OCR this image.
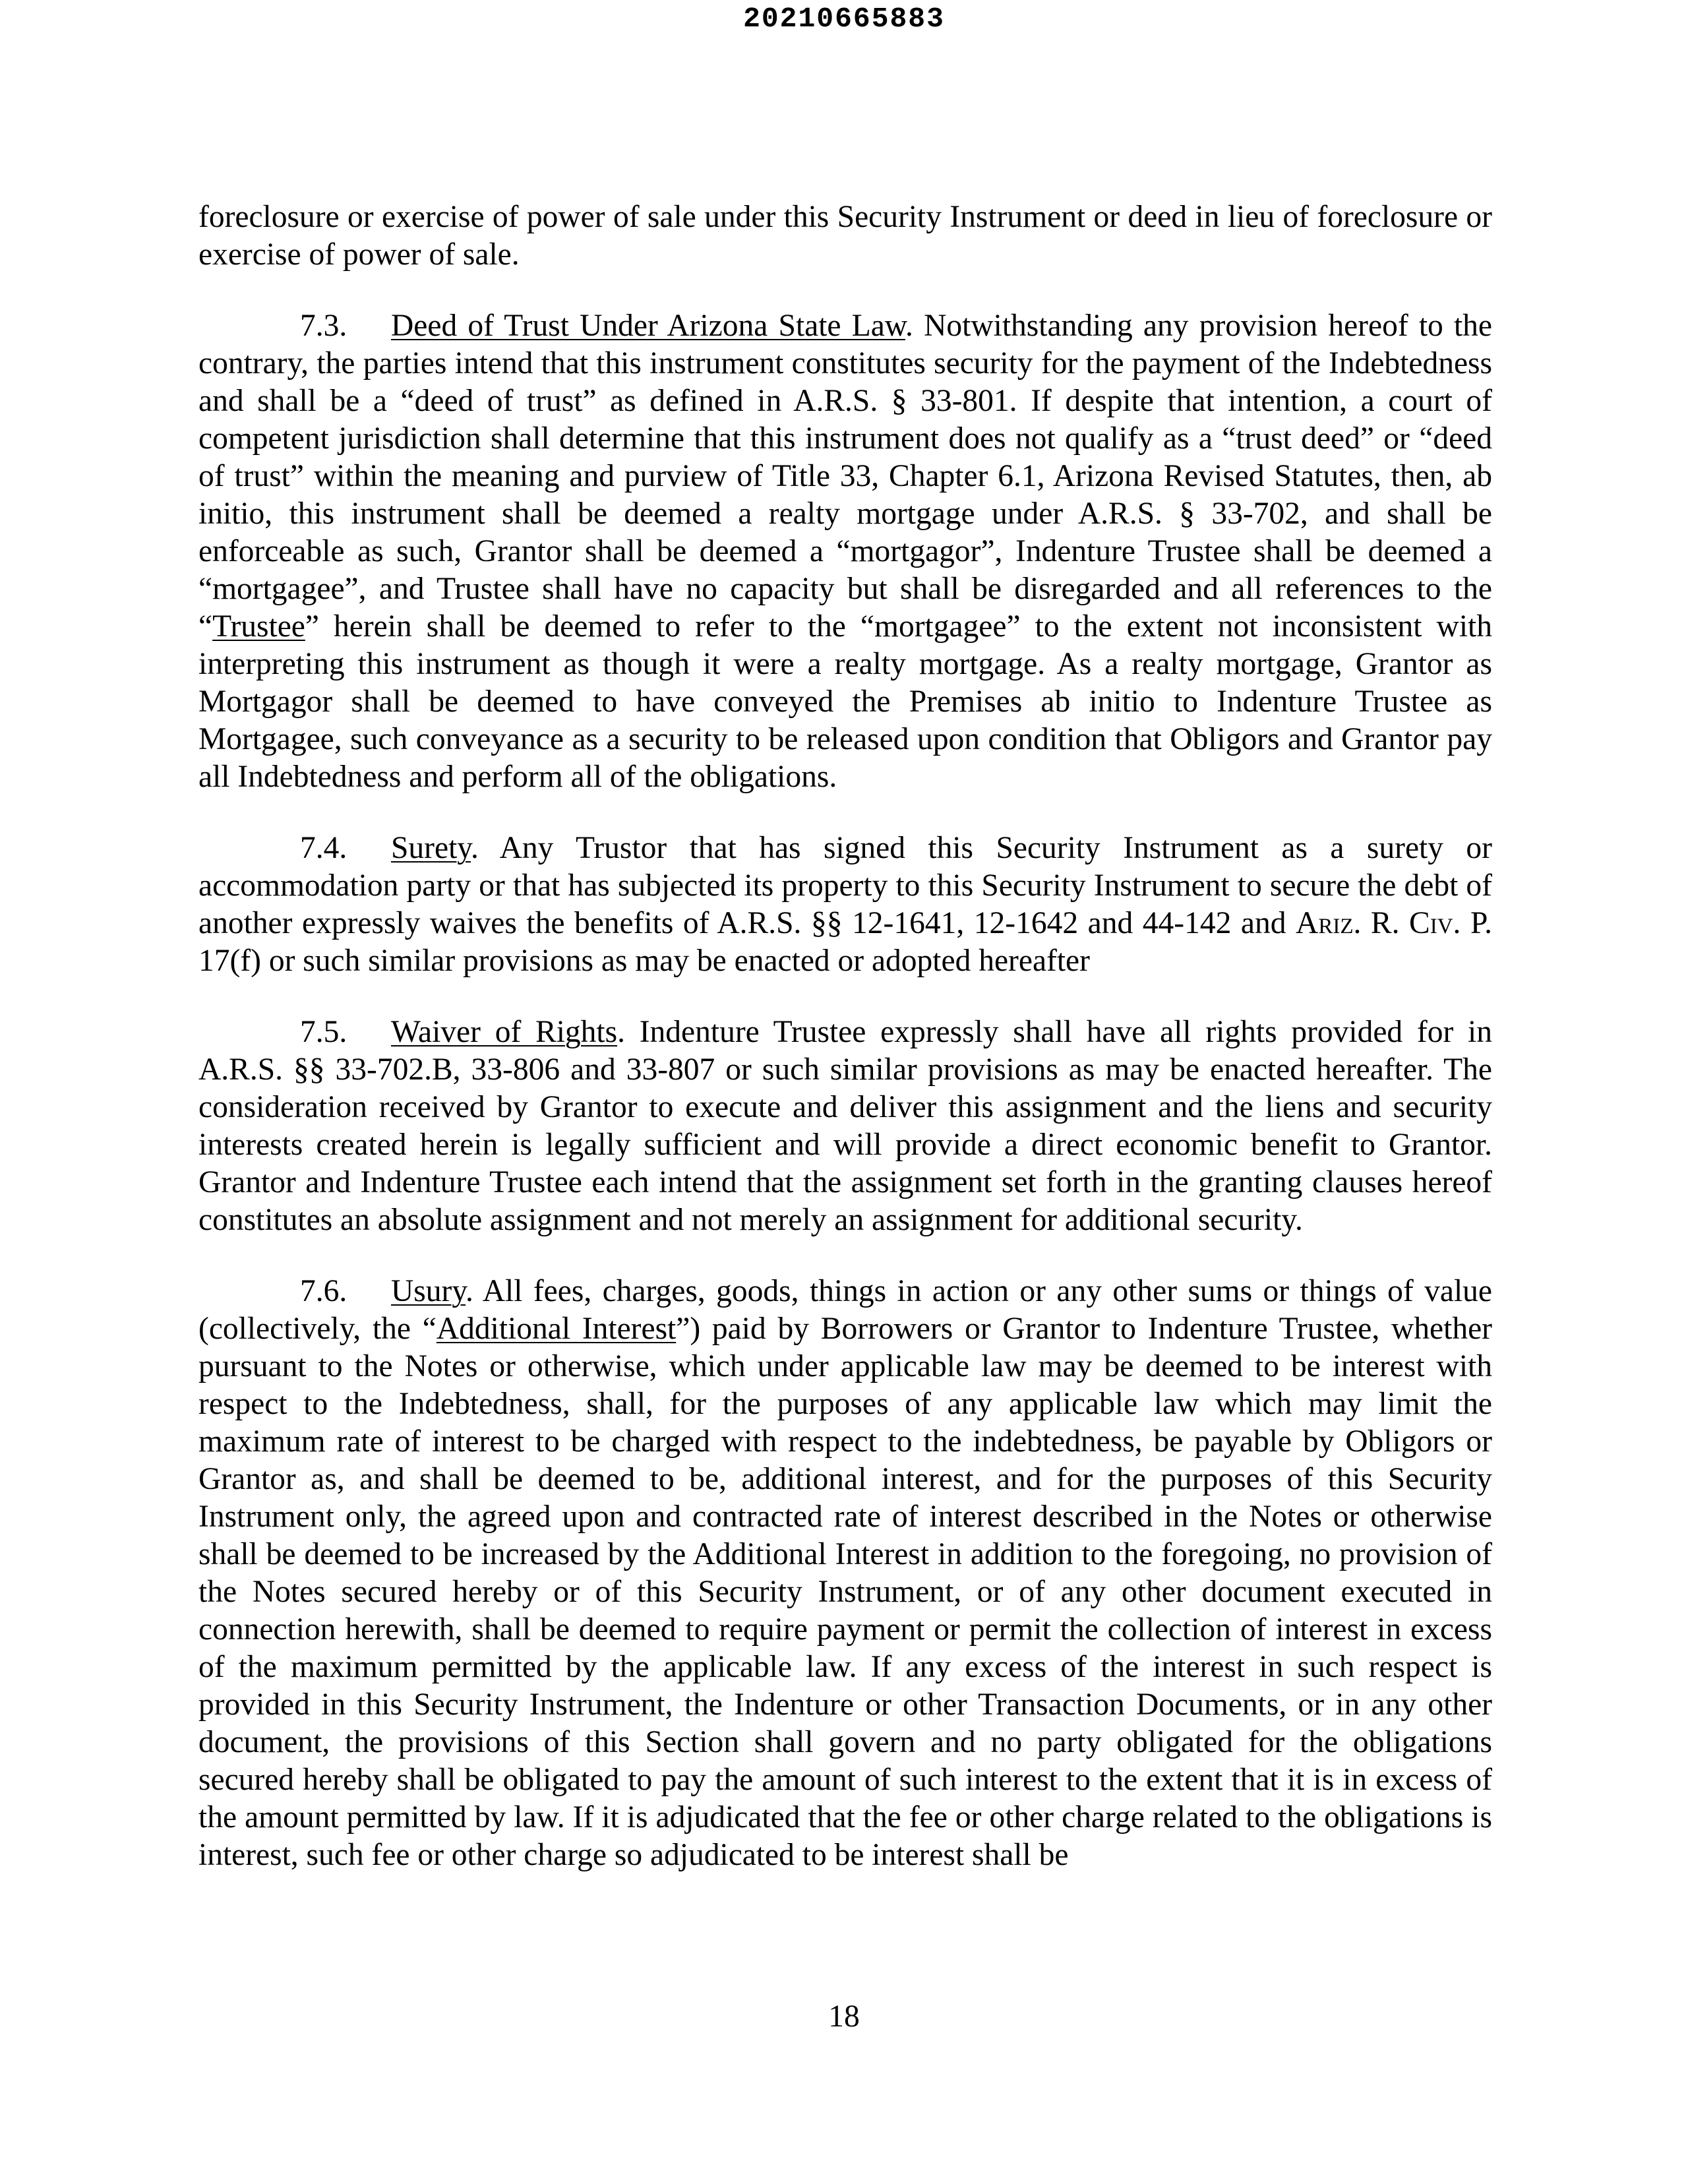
20210665883

foreclosure or exercise of power of sale under this Security Instrument or deed in lieu of foreclosure or exercise of power of sale.

7.3. Deed of Trust Under Arizona State Law. Notwithstanding any provision hereof to the contrary, the parties intend that this instrument constitutes security for the payment of the Indebtedness and shall be a “deed of trust” as defined in A.R.S. § 33-801. If despite that intention, a court of competent jurisdiction shall determine that this instrument does not qualify as a “trust deed” or “deed of trust” within the meaning and purview of Title 33, Chapter 6.1, Arizona Revised Statutes, then, ab initio, this instrument shall be deemed a realty mortgage under A.R.S. § 33-702, and shall be enforceable as such, Grantor shall be deemed a “mortgagor”, Indenture Trustee shall be deemed a “mortgagee”, and Trustee shall have no capacity but shall be disregarded and all references to the “Trustee” herein shall be deemed to refer to the “mortgagee” to the extent not inconsistent with interpreting this instrument as though it were a realty mortgage. As a realty mortgage, Grantor as Mortgagor shall be deemed to have conveyed the Premises ab initio to Indenture Trustee as Mortgagee, such conveyance as a security to be released upon condition that Obligors and Grantor pay all Indebtedness and perform all of the obligations.

7.4. Surety. Any Trustor that has signed this Security Instrument as a surety or accommodation party or that has subjected its property to this Security Instrument to secure the debt of another expressly waives the benefits of A.R.S. §§ 12-1641, 12-1642 and 44-142 and Ariz. R. Civ. P. 17(f) or such similar provisions as may be enacted or adopted hereafter

7.5. Waiver of Rights. Indenture Trustee expressly shall have all rights provided for in A.R.S. §§ 33-702.B, 33-806 and 33-807 or such similar provisions as may be enacted hereafter. The consideration received by Grantor to execute and deliver this assignment and the liens and security interests created herein is legally sufficient and will provide a direct economic benefit to Grantor. Grantor and Indenture Trustee each intend that the assignment set forth in the granting clauses hereof constitutes an absolute assignment and not merely an assignment for additional security.

7.6. Usury. All fees, charges, goods, things in action or any other sums or things of value (collectively, the “Additional Interest”) paid by Borrowers or Grantor to Indenture Trustee, whether pursuant to the Notes or otherwise, which under applicable law may be deemed to be interest with respect to the Indebtedness, shall, for the purposes of any applicable law which may limit the maximum rate of interest to be charged with respect to the indebtedness, be payable by Obligors or Grantor as, and shall be deemed to be, additional interest, and for the purposes of this Security Instrument only, the agreed upon and contracted rate of interest described in the Notes or otherwise shall be deemed to be increased by the Additional Interest in addition to the foregoing, no provision of the Notes secured hereby or of this Security Instrument, or of any other document executed in connection herewith, shall be deemed to require payment or permit the collection of interest in excess of the maximum permitted by the applicable law. If any excess of the interest in such respect is provided in this Security Instrument, the Indenture or other Transaction Documents, or in any other document, the provisions of this Section shall govern and no party obligated for the obligations secured hereby shall be obligated to pay the amount of such interest to the extent that it is in excess of the amount permitted by law. If it is adjudicated that the fee or other charge related to the obligations is interest, such fee or other charge so adjudicated to be interest shall be

18
